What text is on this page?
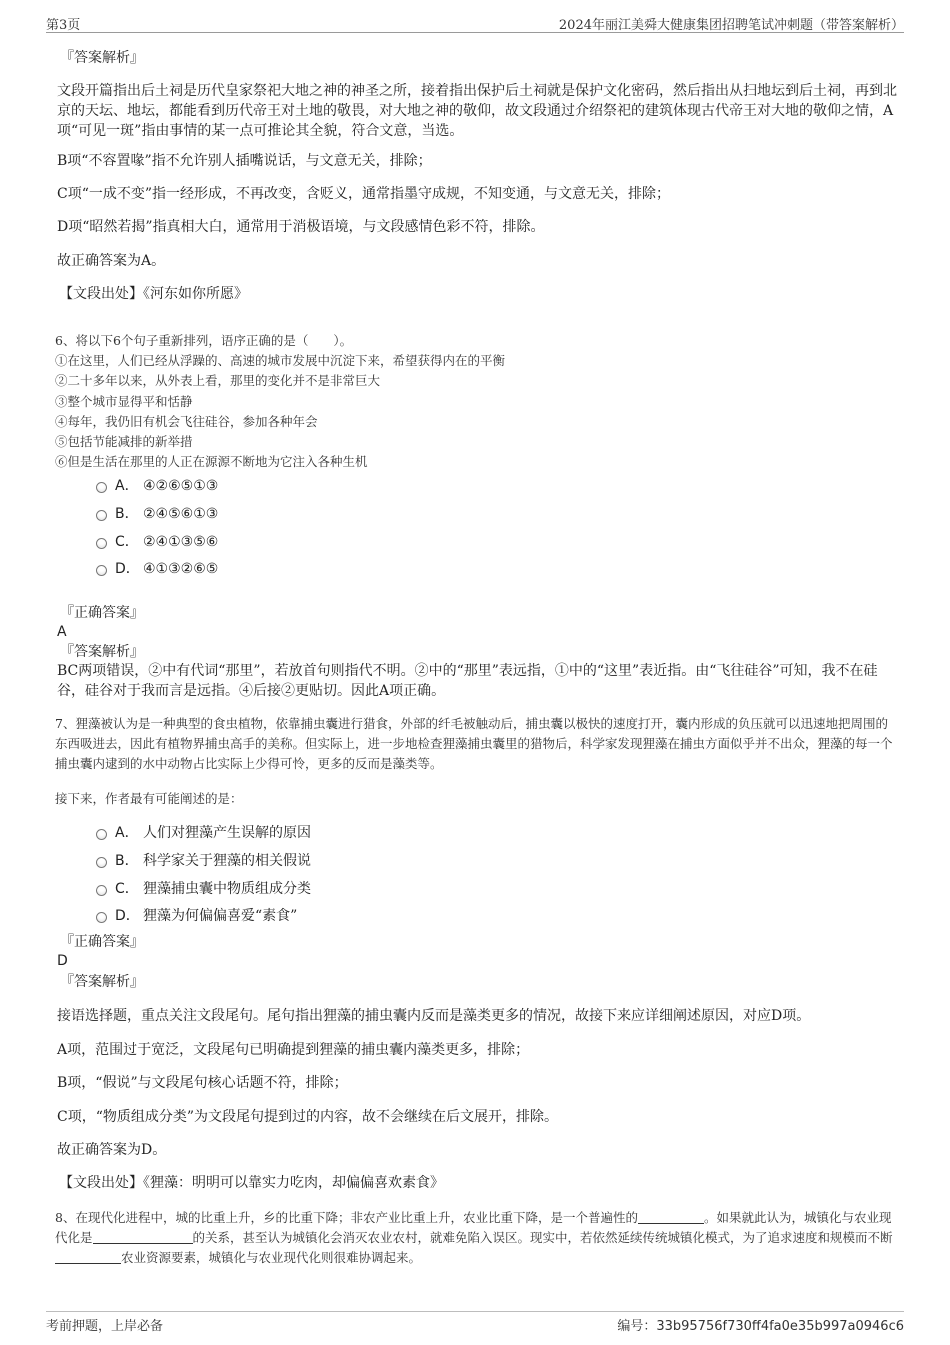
第3页	2024年丽江美舜大健康集团招聘笔试冲刺题（带答案解析）
『答案解析』
文段开篇指出后土祠是历代皇家祭祀大地之神的神圣之所，接着指出保护后土祠就是保护文化密码，然后指出从扫地坛到后土祠，再到北京的天坛、地坛，都能看到历代帝王对土地的敬畏，对大地之神的敬仰，故文段通过介绍祭祀的建筑体现古代帝王对大地的敬仰之情，A项“可见一斑”指由事情的某一点可推论其全貌，符合文意，当选。
B项“不容置喙”指不允许别人插嘴说话，与文意无关，排除；
C项“一成不变”指一经形成，不再改变，含贬义，通常指墨守成规，不知变通，与文意无关，排除；
D项“昭然若揭”指真相大白，通常用于消极语境，与文段感情色彩不符，排除。
故正确答案为A。
【文段出处】《河东如你所愿》
6、将以下6个句子重新排列，语序正确的是（　　）。
①在这里，人们已经从浮躁的、高速的城市发展中沉淀下来，希望获得内在的平衡
②二十多年以来，从外表上看，那里的变化并不是非常巨大
③整个城市显得平和恬静
④每年，我仍旧有机会飞往硅谷，参加各种年会
⑤包括节能减排的新举措
⑥但是生活在那里的人正在源源不断地为它注入各种生机
A． ④②⑥⑤①③
B． ②④⑤⑥①③
C． ②④①③⑤⑥
D． ④①③②⑥⑤
『正确答案』
A
『答案解析』
BC两项错误，②中有代词“那里”，若放首句则指代不明。②中的“那里”表远指，①中的“这里”表近指。由“飞往硅谷”可知，我不在硅谷，硅谷对于我而言是远指。④后接②更贴切。因此A项正确。
7、狸藻被认为是一种典型的食虫植物，依靠捕虫囊进行猎食，外部的纤毛被触动后，捕虫囊以极快的速度打开，囊内形成的负压就可以迅速地把周围的东西吸进去，因此有植物界捕虫高手的美称。但实际上，进一步地检查狸藻捕虫囊里的猎物后，科学家发现狸藻在捕虫方面似乎并不出众，狸藻的每一个捕虫囊内逮到的水中动物占比实际上少得可怜，更多的反而是藻类等。
接下来，作者最有可能阐述的是：
A． 人们对狸藻产生误解的原因
B． 科学家关于狸藻的相关假说
C． 狸藻捕虫囊中物质组成分类
D． 狸藻为何偏偏喜爱“素食”
『正确答案』
D
『答案解析』
接语选择题，重点关注文段尾句。尾句指出狸藻的捕虫囊内反而是藻类更多的情况，故接下来应详细阐述原因，对应D项。
A项，范围过于宽泛，文段尾句已明确提到狸藻的捕虫囊内藻类更多，排除；
B项，“假说”与文段尾句核心话题不符，排除；
C项，“物质组成分类”为文段尾句提到过的内容，故不会继续在后文展开，排除。
故正确答案为D。
【文段出处】《狸藻：明明可以靠实力吃肉，却偏偏喜欢素食》
8、在现代化进程中，城的比重上升，乡的比重下降；非农产业比重上升，农业比重下降，是一个普遍性的	。如果就此认为，城镇化与农业现代化是	的关系，甚至认为城镇化会消灭农业农村，就难免陷入误区。现实中，若依然延续传统城镇化模式，为了追求速度和规模而不断农业资源要素，城镇化与农业现代化则很难协调起来。
考前押题，上岸必备	编号：33b95756f730ff4fa0e35b997a0946c6
